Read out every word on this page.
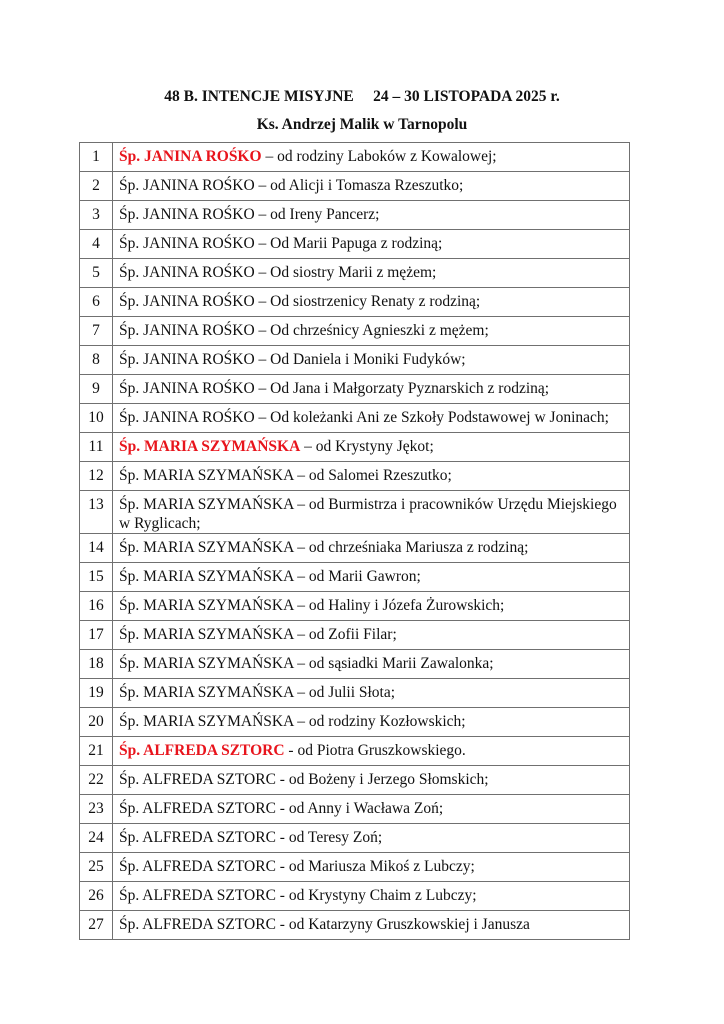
48 B. INTENCJE MISYJNE     24 – 30 LISTOPADA 2025 r.
Ks. Andrzej Malik w Tarnopolu
1	Śp. JANINA ROŚKO – od rodziny Laboków z Kowalowej;
2	Śp. JANINA ROŚKO – od Alicji i Tomasza Rzeszutko;
3	Śp. JANINA ROŚKO – od Ireny Pancerz;
4	Śp. JANINA ROŚKO – Od Marii Papuga z rodziną;
5	Śp. JANINA ROŚKO – Od siostry Marii z mężem;
6	Śp. JANINA ROŚKO – Od siostrzenicy Renaty z rodziną;
7	Śp. JANINA ROŚKO – Od chrześnicy Agnieszki z mężem;
8	Śp. JANINA ROŚKO – Od Daniela i Moniki Fudyków;
9	Śp. JANINA ROŚKO – Od Jana i Małgorzaty Pyznarskich z rodziną;
10	Śp. JANINA ROŚKO – Od koleżanki Ani ze Szkoły Podstawowej w Joninach;
11	Śp. MARIA SZYMAŃSKA – od Krystyny Jękot;
12	Śp. MARIA SZYMAŃSKA – od Salomei Rzeszutko;
13	Śp. MARIA SZYMAŃSKA – od Burmistrza i pracowników Urzędu Miejskiego w Ryglicach;
14	Śp. MARIA SZYMAŃSKA – od chrześniaka Mariusza z rodziną;
15	Śp. MARIA SZYMAŃSKA – od Marii Gawron;
16	Śp. MARIA SZYMAŃSKA – od Haliny i Józefa Żurowskich;
17	Śp. MARIA SZYMAŃSKA – od Zofii Filar;
18	Śp. MARIA SZYMAŃSKA – od sąsiadki Marii Zawalonka;
19	Śp. MARIA SZYMAŃSKA – od Julii Słota;
20	Śp. MARIA SZYMAŃSKA – od rodziny Kozłowskich;
21	Śp. ALFREDA SZTORC - od Piotra Gruszkowskiego.
22	Śp. ALFREDA SZTORC - od Bożeny i Jerzego Słomskich;
23	Śp. ALFREDA SZTORC - od Anny i Wacława Zoń;
24	Śp. ALFREDA SZTORC - od Teresy Zoń;
25	Śp. ALFREDA SZTORC - od Mariusza Mikoś z Lubczy;
26	Śp. ALFREDA SZTORC - od Krystyny Chaim z Lubczy;
27	Śp. ALFREDA SZTORC - od Katarzyny Gruszkowskiej i Janusza
